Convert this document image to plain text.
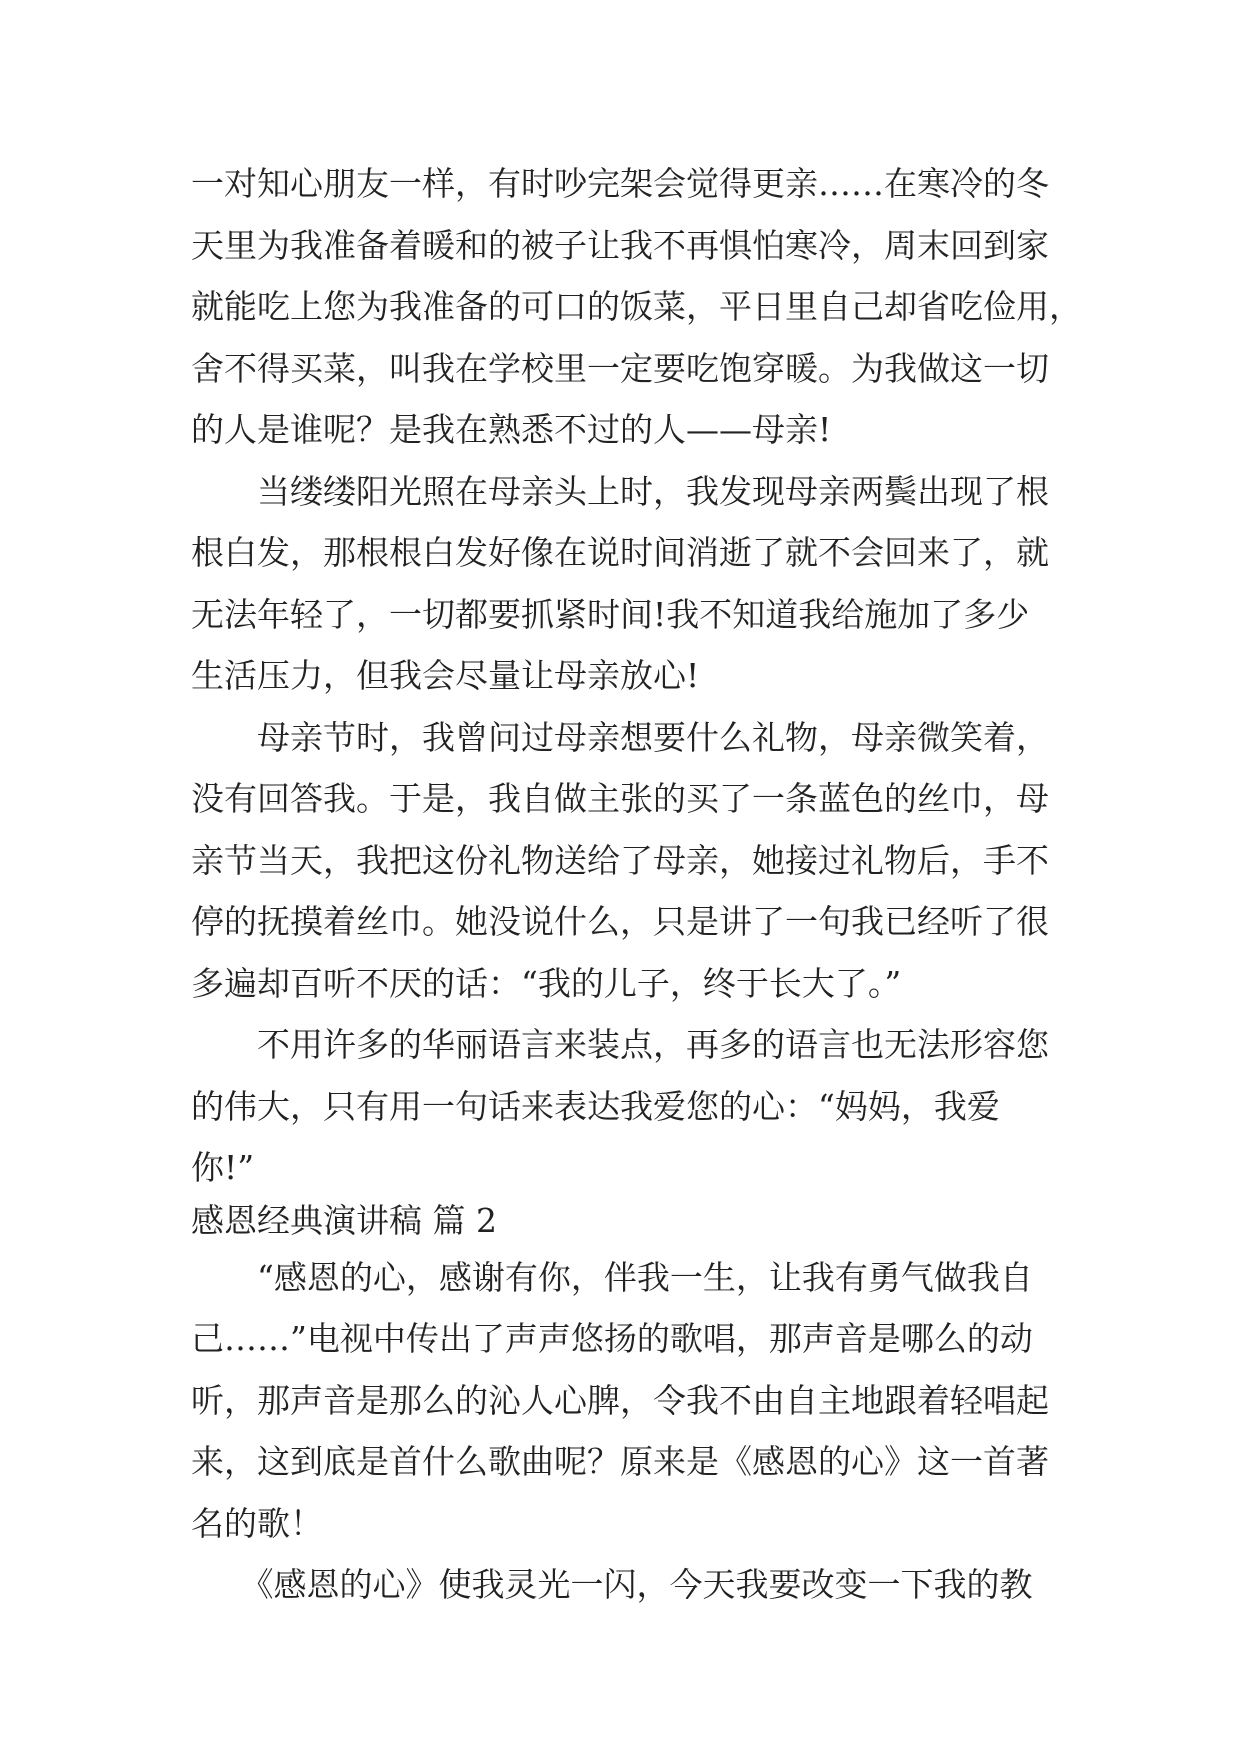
一对知心朋友一样，有时吵完架会觉得更亲……在寒冷的冬
天里为我准备着暖和的被子让我不再惧怕寒冷，周末回到家
就能吃上您为我准备的可口的饭菜，平日里自己却省吃俭用，
舍不得买菜，叫我在学校里一定要吃饱穿暖。为我做这一切
的人是谁呢？是我在熟悉不过的人——母亲!
　　当缕缕阳光照在母亲头上时，我发现母亲两鬓出现了根
根白发，那根根白发好像在说时间消逝了就不会回来了，就
无法年轻了，一切都要抓紧时间!我不知道我给施加了多少
生活压力，但我会尽量让母亲放心!
　　母亲节时，我曾问过母亲想要什么礼物，母亲微笑着，
没有回答我。于是，我自做主张的买了一条蓝色的丝巾，母
亲节当天，我把这份礼物送给了母亲，她接过礼物后，手不
停的抚摸着丝巾。她没说什么，只是讲了一句我已经听了很
多遍却百听不厌的话：“我的儿子，终于长大了。”
　　不用许多的华丽语言来装点，再多的语言也无法形容您
的伟大，只有用一句话来表达我爱您的心：“妈妈，我爱
你!”
感恩经典演讲稿 篇 2
　　“感恩的心，感谢有你，伴我一生，让我有勇气做我自
己……”电视中传出了声声悠扬的歌唱，那声音是哪么的动
听，那声音是那么的沁人心脾，令我不由自主地跟着轻唱起
来，这到底是首什么歌曲呢？原来是《感恩的心》这一首著
名的歌！
　　《感恩的心》使我灵光一闪，今天我要改变一下我的教
